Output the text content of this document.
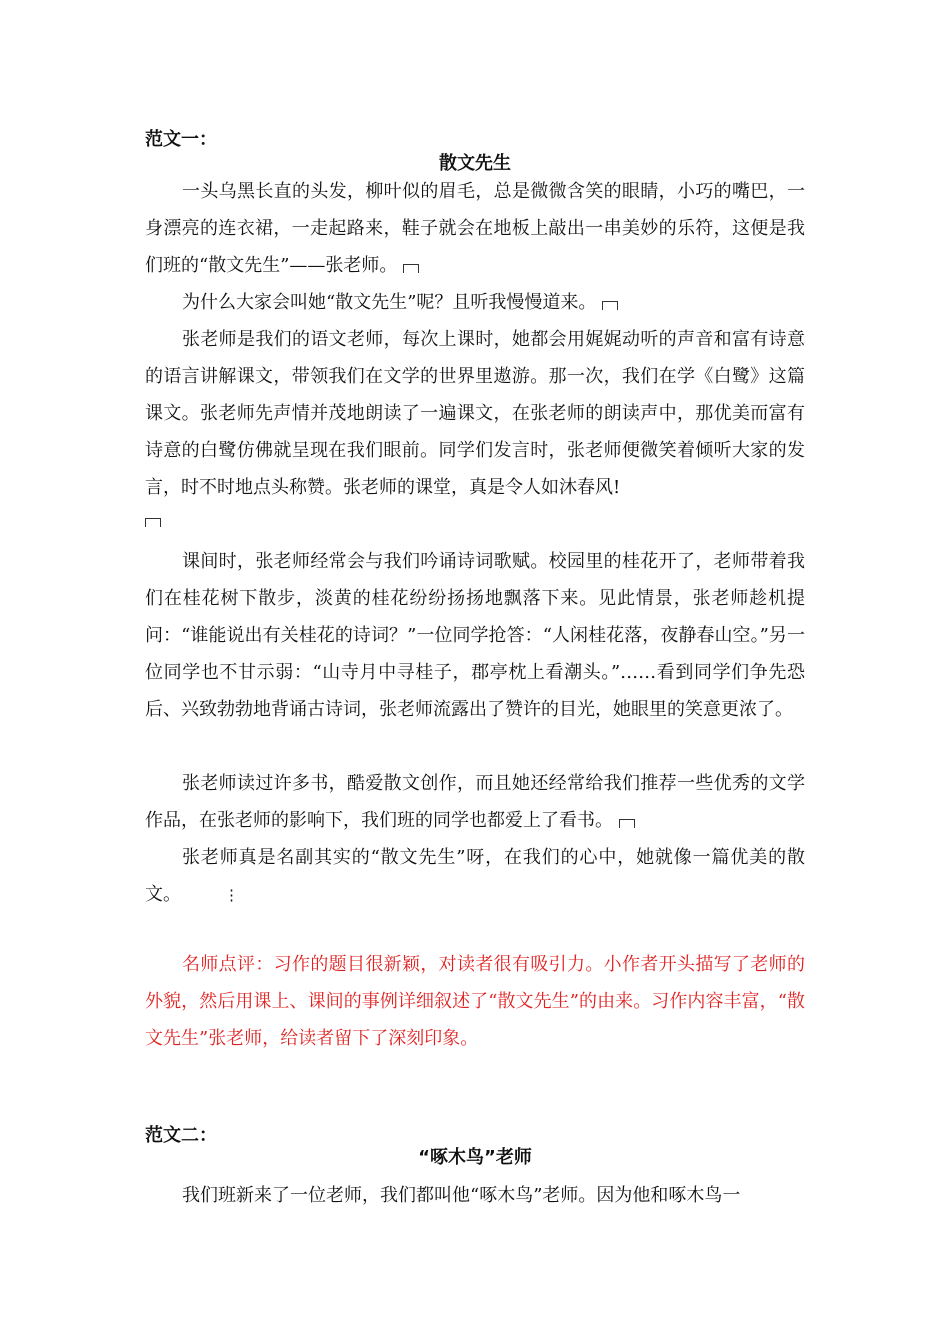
范文一：
散文先生

一头乌黑长直的头发，柳叶似的眉毛，总是微微含笑的眼睛，小巧的嘴巴，一身漂亮的连衣裙，一走起路来，鞋子就会在地板上敲出一串美妙的乐符，这便是我们班的“散文先生”——张老师。

为什么大家会叫她“散文先生”呢？且听我慢慢道来。

张老师是我们的语文老师，每次上课时，她都会用娓娓动听的声音和富有诗意的语言讲解课文，带领我们在文学的世界里遨游。那一次，我们在学《白鹭》这篇课文。张老师先声情并茂地朗读了一遍课文，在张老师的朗读声中，那优美而富有诗意的白鹭仿佛就呈现在我们眼前。同学们发言时，张老师便微笑着倾听大家的发言，时不时地点头称赞。张老师的课堂，真是令人如沐春风!

课间时，张老师经常会与我们吟诵诗词歌赋。校园里的桂花开了，老师带着我们在桂花树下散步，淡黄的桂花纷纷扬扬地飘落下来。见此情景，张老师趁机提问：“谁能说出有关桂花的诗词？”一位同学抢答：“人闲桂花落，夜静春山空。”另一位同学也不甘示弱：“山寺月中寻桂子，郡亭枕上看潮头。”……看到同学们争先恐后、兴致勃勃地背诵古诗词，张老师流露出了赞许的目光，她眼里的笑意更浓了。

张老师读过许多书，酷爱散文创作，而且她还经常给我们推荐一些优秀的文学作品，在张老师的影响下，我们班的同学也都爱上了看书。

张老师真是名副其实的“散文先生”呀，在我们的心中，她就像一篇优美的散文。	⋮

名师点评：习作的题目很新颖，对读者很有吸引力。小作者开头描写了老师的外貌，然后用课上、课间的事例详细叙述了“散文先生”的由来。习作内容丰富，“散文先生”张老师，给读者留下了深刻印象。

范文二：
“啄木鸟”老师

我们班新来了一位老师，我们都叫他“啄木鸟”老师。因为他和啄木鸟一
